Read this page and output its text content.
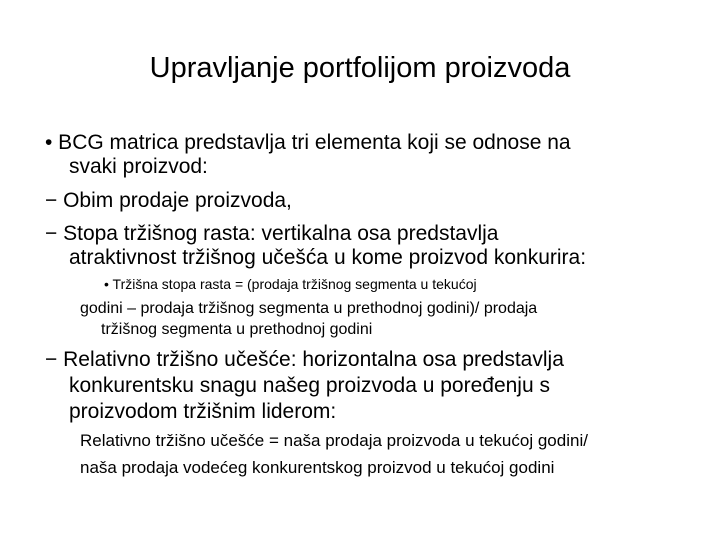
Upravljanje portfolijom proizvoda
• BCG matrica predstavlja tri elementa koji se odnose na
svaki proizvod:
− Obim prodaje proizvoda,
− Stopa tržišnog rasta: vertikalna osa predstavlja
atraktivnost tržišnog učešća u kome proizvod konkurira:
• Tržišna stopa rasta = (prodaja tržišnog segmenta u tekućoj
godini – prodaja tržišnog segmenta u prethodnoj godini)/ prodaja
tržišnog segmenta u prethodnoj godini
− Relativno tržišno učešće: horizontalna osa predstavlja
konkurentsku snagu našeg proizvoda u poređenju s
proizvodom tržišnim liderom:
Relativno tržišno učešće = naša prodaja proizvoda u tekućoj godini/
naša prodaja vodećeg konkurentskog proizvod u tekućoj godini
